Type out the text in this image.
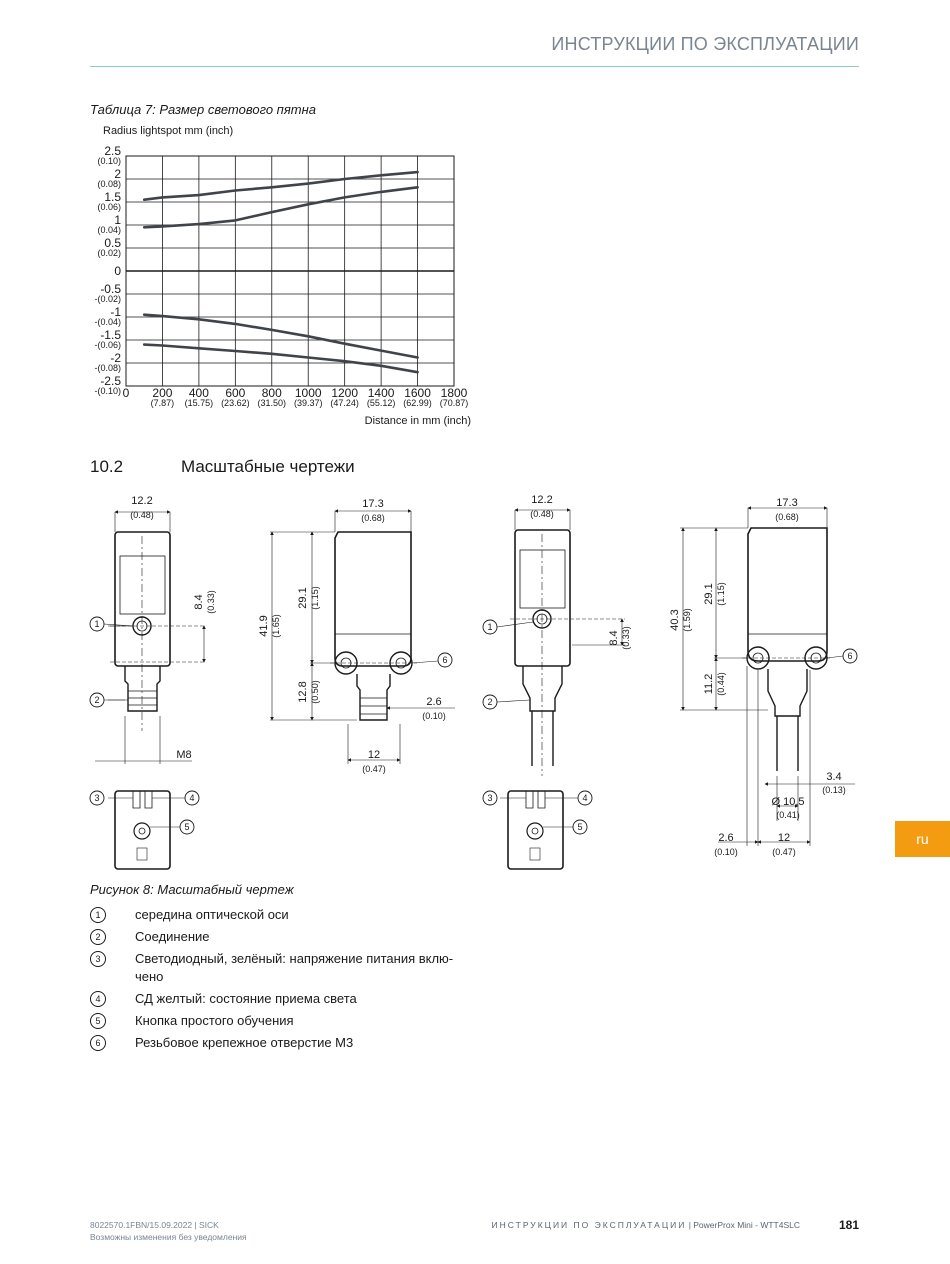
ИНСТРУКЦИИ ПО ЭКСПЛУАТАЦИИ
Таблица 7: Размер светового пятна
Radius lightspot mm (inch)
0 200
(7.87)
400
(15.75)
600
(23.62)
800
(31.50)
1000
(39.37)
1200
(47.24)
1400
(55.12)
1600
(62.99)
1800
(70.87)
2.5
(0.10)
2
(0.08)
1.5
(0.06)
1
(0.04)
0.5
(0.02)
0
-0.5
-(0.02)
-1
-(0.04)
-1.5
-(0.06)
-2
-(0.08)
-2.5
-(0.10)
Distance in mm (inch)
10.2	Масштабные чертежи
1
2
6
1
2
6
3	4
5
3	4
5
12.2
(0.48)
17.3
(0.68)
12.2
(0.48)
17.3
(0.68)
8.4 (0.33)
8.4 (0.33)
41.9 (1.65)
29.1 (1.15)
12.8 (0.50)	2.6
(0.10)
12
(0.47)
M8
40.3 (1.59)
29.1 (1.15)
11.2 (0.44)
3.4
(0.13)
Ø 10.5
(0.41)
2.6
(0.10)
12
(0.47)
Рисунок 8: Масштабный чертеж
1	середина оптической оси
2	Соединение
3	Светодиодный, зелёный: напряжение питания вклю-чено
4	СД желтый: состояние приема света
5	Кнопка простого обучения
6	Резьбовое крепежное отверстие M3
ru
8022570.1FBN/15.09.2022 | SICK
Возможны изменения без уведомления
ИНСТРУКЦИИ ПО ЭКСПЛУАТАЦИИ | PowerProx Mini - WTT4SLC	181
